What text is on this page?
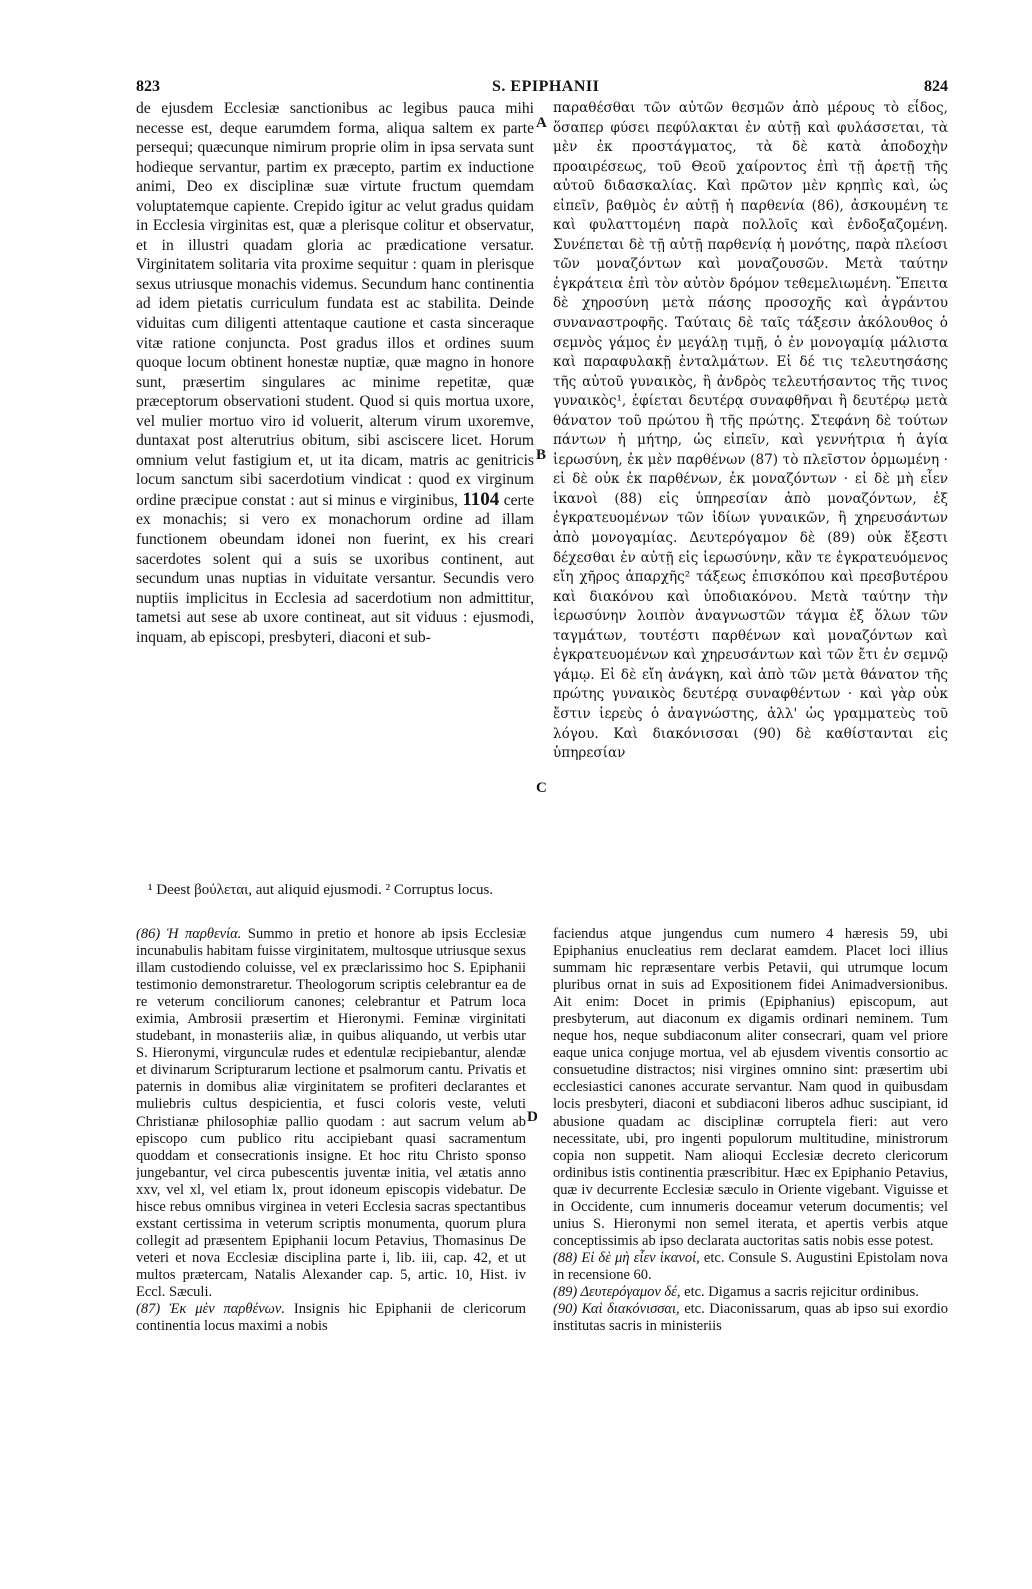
823	S. EPIPHANII	824
de ejusdem Ecclesiæ sanctionibus ac legibus pauca mihi necesse est, deque earumdem forma, aliqua saltem ex parte persequi; quæcunque nimirum proprie olim in ipsa servata sunt hodieque servantur, partim ex præcepto, partim ex inductione animi, Deo ex disciplinæ suæ virtute fructum quemdam voluptatemque capiente. Crepido igitur ac velut gradus quidam in Ecclesia virginitas est, quæ a plerisque colitur et observatur, et in illustri quadam gloria ac prædicatione versatur. Virginitatem solitaria vita proxime sequitur : quam in plerisque sexus utriusque monachis videmus. Secundum hanc continentia ad idem pietatis curriculum fundata est ac stabilita. Deinde viduitas cum diligenti attentaque cautione et casta sinceraque vitæ ratione conjuncta. Post gradus illos et ordines suum quoque locum obtinent honestæ nuptiæ, quæ magno in honore sunt, præsertim singulares ac minime repetitæ, quæ præceptorum observationi student. Quod si quis mortua uxore, vel mulier mortuo viro id voluerit, alterum virum uxoremve, duntaxat post alterutrius obitum, sibi asciscere licet. Horum omnium velut fastigium et, ut ita dicam, matris ac genitricis locum sanctum sibi sacerdotium vindicat : quod ex virginum ordine præcipue constat : aut si minus e virginibus, 1104 certe ex monachis; si vero ex monachorum ordine ad illam functionem obeundam idonei non fuerint, ex his creari sacerdotes solent qui a suis se uxoribus continent, aut secundum unas nuptias in viduitate versantur. Secundis vero nuptiis implicitus in Ecclesia ad sacerdotium non admittitur, tametsi aut sese ab uxore contineat, aut sit viduus : ejusmodi, inquam, ab episcopi, presbyteri, diaconi et sub-
A
B
C
D
παραθέσθαι τῶν αὐτῶν θεσμῶν ἀπὸ μέρους τὸ εἶδος, ὅσαπερ φύσει πεφύλακται ἐν αὐτῇ καὶ φυλάσσεται, τὰ μὲν ἐκ προστάγματος, τὰ δὲ κατὰ ἀποδοχὴν προαιρέσεως, τοῦ Θεοῦ χαίροντος ἐπὶ τῇ ἀρετῇ τῆς αὐτοῦ διδασκαλίας. Καὶ πρῶτον μὲν κρηπὶς καὶ, ὡς εἰπεῖν, βαθμὸς ἐν αὐτῇ ἡ παρθενία (86), ἀσκουμένη τε καὶ φυλαττομένη παρὰ πολλοῖς καὶ ἐνδοξαζομένη. Συνέπεται δὲ τῇ αὐτῇ παρθενίᾳ ἡ μονότης, παρὰ πλείοσι τῶν μοναζόντων καὶ μοναζουσῶν. Μετὰ ταύτην ἐγκράτεια ἐπὶ τὸν αὐτὸν δρόμον τεθεμελιωμένη. Ἔπειτα δὲ χηροσύνη μετὰ πάσης προσοχῆς καὶ ἀγράντου συναναστροφῆς. Ταύταις δὲ ταῖς τάξεσιν ἀκόλουθος ὁ σεμνὸς γάμος ἐν μεγάλῃ τιμῇ, ὁ ἐν μονογαμίᾳ μάλιστα καὶ παραφυλακῇ ἐνταλμάτων. Εἰ δέ τις τελευτησάσης τῆς αὐτοῦ γυναικὸς, ἢ ἀνδρὸς τελευτήσαντος τῆς τινος γυναικὸς¹, ἐφίεται δευτέρᾳ συναφθῆναι ἢ δευτέρῳ μετὰ θάνατον τοῦ πρώτου ἢ τῆς πρώτης. Στεφάνη δὲ τούτων πάντων ἡ μήτηρ, ὡς εἰπεῖν, καὶ γεννήτρια ἡ ἁγία ἱερωσύνη, ἐκ μὲν παρθένων (87) τὸ πλεῖστον ὁρμωμένη · εἰ δὲ οὐκ ἐκ παρθένων, ἐκ μοναζόντων · εἰ δὲ μὴ εἶεν ἱκανοὶ (88) εἰς ὑπηρεσίαν ἀπὸ μοναζόντων, ἐξ ἐγκρατευομένων τῶν ἰδίων γυναικῶν, ἢ χηρευσάντων ἀπὸ μονογαμίας. Δευτερόγαμον δὲ (89) οὐκ ἔξεστι δέχεσθαι ἐν αὐτῇ εἰς ἱερωσύνην, κἂν τε ἐγκρατευόμενος εἴη χῆρος ἀπαρχῆς² τάξεως ἐπισκόπου καὶ πρεσβυτέρου καὶ διακόνου καὶ ὑποδιακόνου. Μετὰ ταύτην τὴν ἱερωσύνην λοιπὸν ἀναγνωστῶν τάγμα ἐξ ὅλων τῶν ταγμάτων, τουτέστι παρθένων καὶ μοναζόντων καὶ ἐγκρατευομένων καὶ χηρευσάντων καὶ τῶν ἔτι ἐν σεμνῷ γάμῳ. Εἰ δὲ εἴη ἀνάγκη, καὶ ἀπὸ τῶν μετὰ θάνατον τῆς πρώτης γυναικὸς δευτέρᾳ συναφθέντων · καὶ γὰρ οὐκ ἔστιν ἱερεὺς ὁ ἀναγνώστης, ἀλλ' ὡς γραμματεὺς τοῦ λόγου. Καὶ διακόνισσαι (90) δὲ καθίστανται εἰς ὑπηρεσίαν
¹ Deest βούλεται, aut aliquid ejusmodi. ² Corruptus locus.

(86) Ἡ παρθενία. Summo in pretio et honore ab ipsis Ecclesiæ incunabulis habitam fuisse virginitatem, multosque utriusque sexus illam custodiendo coluisse, vel ex præclarissimo hoc S. Epiphanii testimonio demonstraretur. Theologorum scriptis celebrantur ea de re veterum conciliorum canones; celebrantur et Patrum loca eximia, Ambrosii præsertim et Hieronymi. Feminæ virginitati studebant, in monasteriis aliæ, in quibus aliquando, ut verbis utar S. Hieronymi, virgunculæ rudes et edentulæ recipiebantur, alendæ et divinarum Scripturarum lectione et psalmorum cantu. Privatis et paternis in domibus aliæ virginitatem se profiteri declarantes et muliebris cultus despicientia, et fusci coloris veste, veluti Christianæ philosophiæ pallio quodam : aut sacrum velum ab episcopo cum publico ritu accipiebant quasi sacramentum quoddam et consecrationis insigne. Et hoc ritu Christo sponso jungebantur, vel circa pubescentis juventæ initia, vel ætatis anno xxv, vel xl, vel etiam lx, prout idoneum episcopis videbatur. De hisce rebus omnibus virginea in veteri Ecclesia sacras spectantibus exstant certissima in veterum scriptis monumenta, quorum plura collegit ad præsentem Epiphanii locum Petavius, Thomasinus De veteri et nova Ecclesiæ disciplina parte i, lib. iii, cap. 42, et ut multos prætercam, Natalis Alexander cap. 5, artic. 10, Hist. iv Eccl. Sæculi.

(87) Ἐκ μὲν παρθένων. Insignis hic Epiphanii de clericorum continentia locus maximi a nobis

faciendus atque jungendus cum numero 4 hæresis 59, ubi Epiphanius enucleatius rem declarat eamdem. Placet loci illius summam hic repræsentare verbis Petavii, qui utrumque locum pluribus ornat in suis ad Expositionem fidei Animadversionibus. Ait enim: Docet in primis (Epiphanius) episcopum, aut presbyterum, aut diaconum ex digamis ordinari neminem. Tum neque hos, neque subdiaconum aliter consecrari, quam vel priore eaque unica conjuge mortua, vel ab ejusdem viventis consortio ac consuetudine distractos; nisi virgines omnino sint: præsertim ubi ecclesiastici canones accurate servantur. Nam quod in quibusdam locis presbyteri, diaconi et subdiaconi liberos adhuc suscipiant, id abusione quadam ac disciplinæ corruptela fieri: aut vero necessitate, ubi, pro ingenti populorum multitudine, ministrorum copia non suppetit. Nam alioqui Ecclesiæ decreto clericorum ordinibus istis continentia præscribitur. Hæc ex Epiphanio Petavius, quæ iv decurrente Ecclesiæ sæculo in Oriente vigebant. Viguisse et in Occidente, cum innumeris doceamur veterum documentis; vel unius S. Hieronymi non semel iterata, et apertis verbis atque conceptissimis ab ipso declarata auctoritas satis nobis esse potest.

(88) Εἰ δὲ μὴ εἶεν ἱκανοί, etc. Consule S. Augustini Epistolam nova in recensione 60.

(89) Δευτερόγαμον δέ, etc. Digamus a sacris rejicitur ordinibus.

(90) Καὶ διακόνισσαι, etc. Diaconissarum, quas ab ipso sui exordio institutas sacris in ministeriis
